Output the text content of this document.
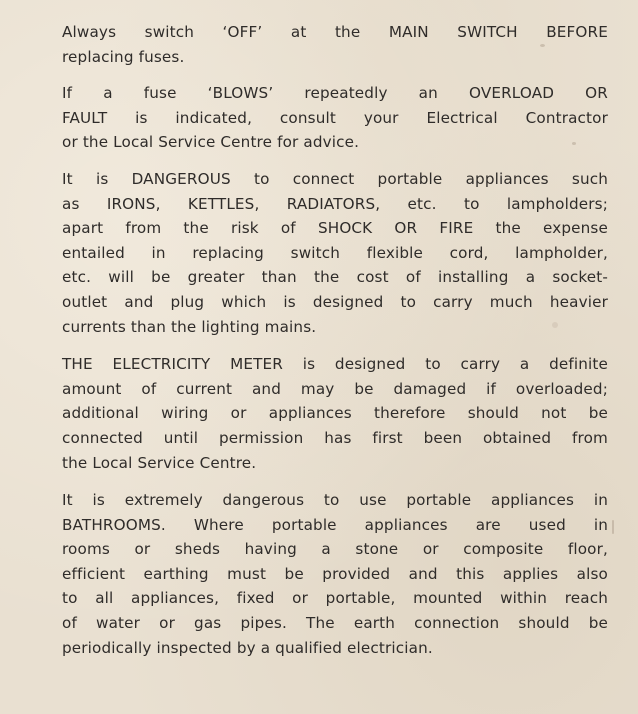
Always switch ‘OFF’ at the MAIN SWITCH BEFORE
replacing fuses.

If a fuse ‘BLOWS’ repeatedly an OVERLOAD OR
FAULT is indicated, consult your Electrical Contractor
or the Local Service Centre for advice.

It is DANGEROUS to connect portable appliances such
as IRONS, KETTLES, RADIATORS, etc. to lampholders;
apart from the risk of SHOCK OR FIRE the expense
entailed in replacing switch flexible cord, lampholder,
etc. will be greater than the cost of installing a socket-
outlet and plug which is designed to carry much heavier
currents than the lighting mains.

THE ELECTRICITY METER is designed to carry a definite
amount of current and may be damaged if overloaded;
additional wiring or appliances therefore should not be
connected until permission has first been obtained from
the Local Service Centre.

It is extremely dangerous to use portable appliances in
BATHROOMS. Where portable appliances are used in
rooms or sheds having a stone or composite floor,
efficient earthing must be provided and this applies also
to all appliances, fixed or portable, mounted within reach
of water or gas pipes. The earth connection should be
periodically inspected by a qualified electrician.
